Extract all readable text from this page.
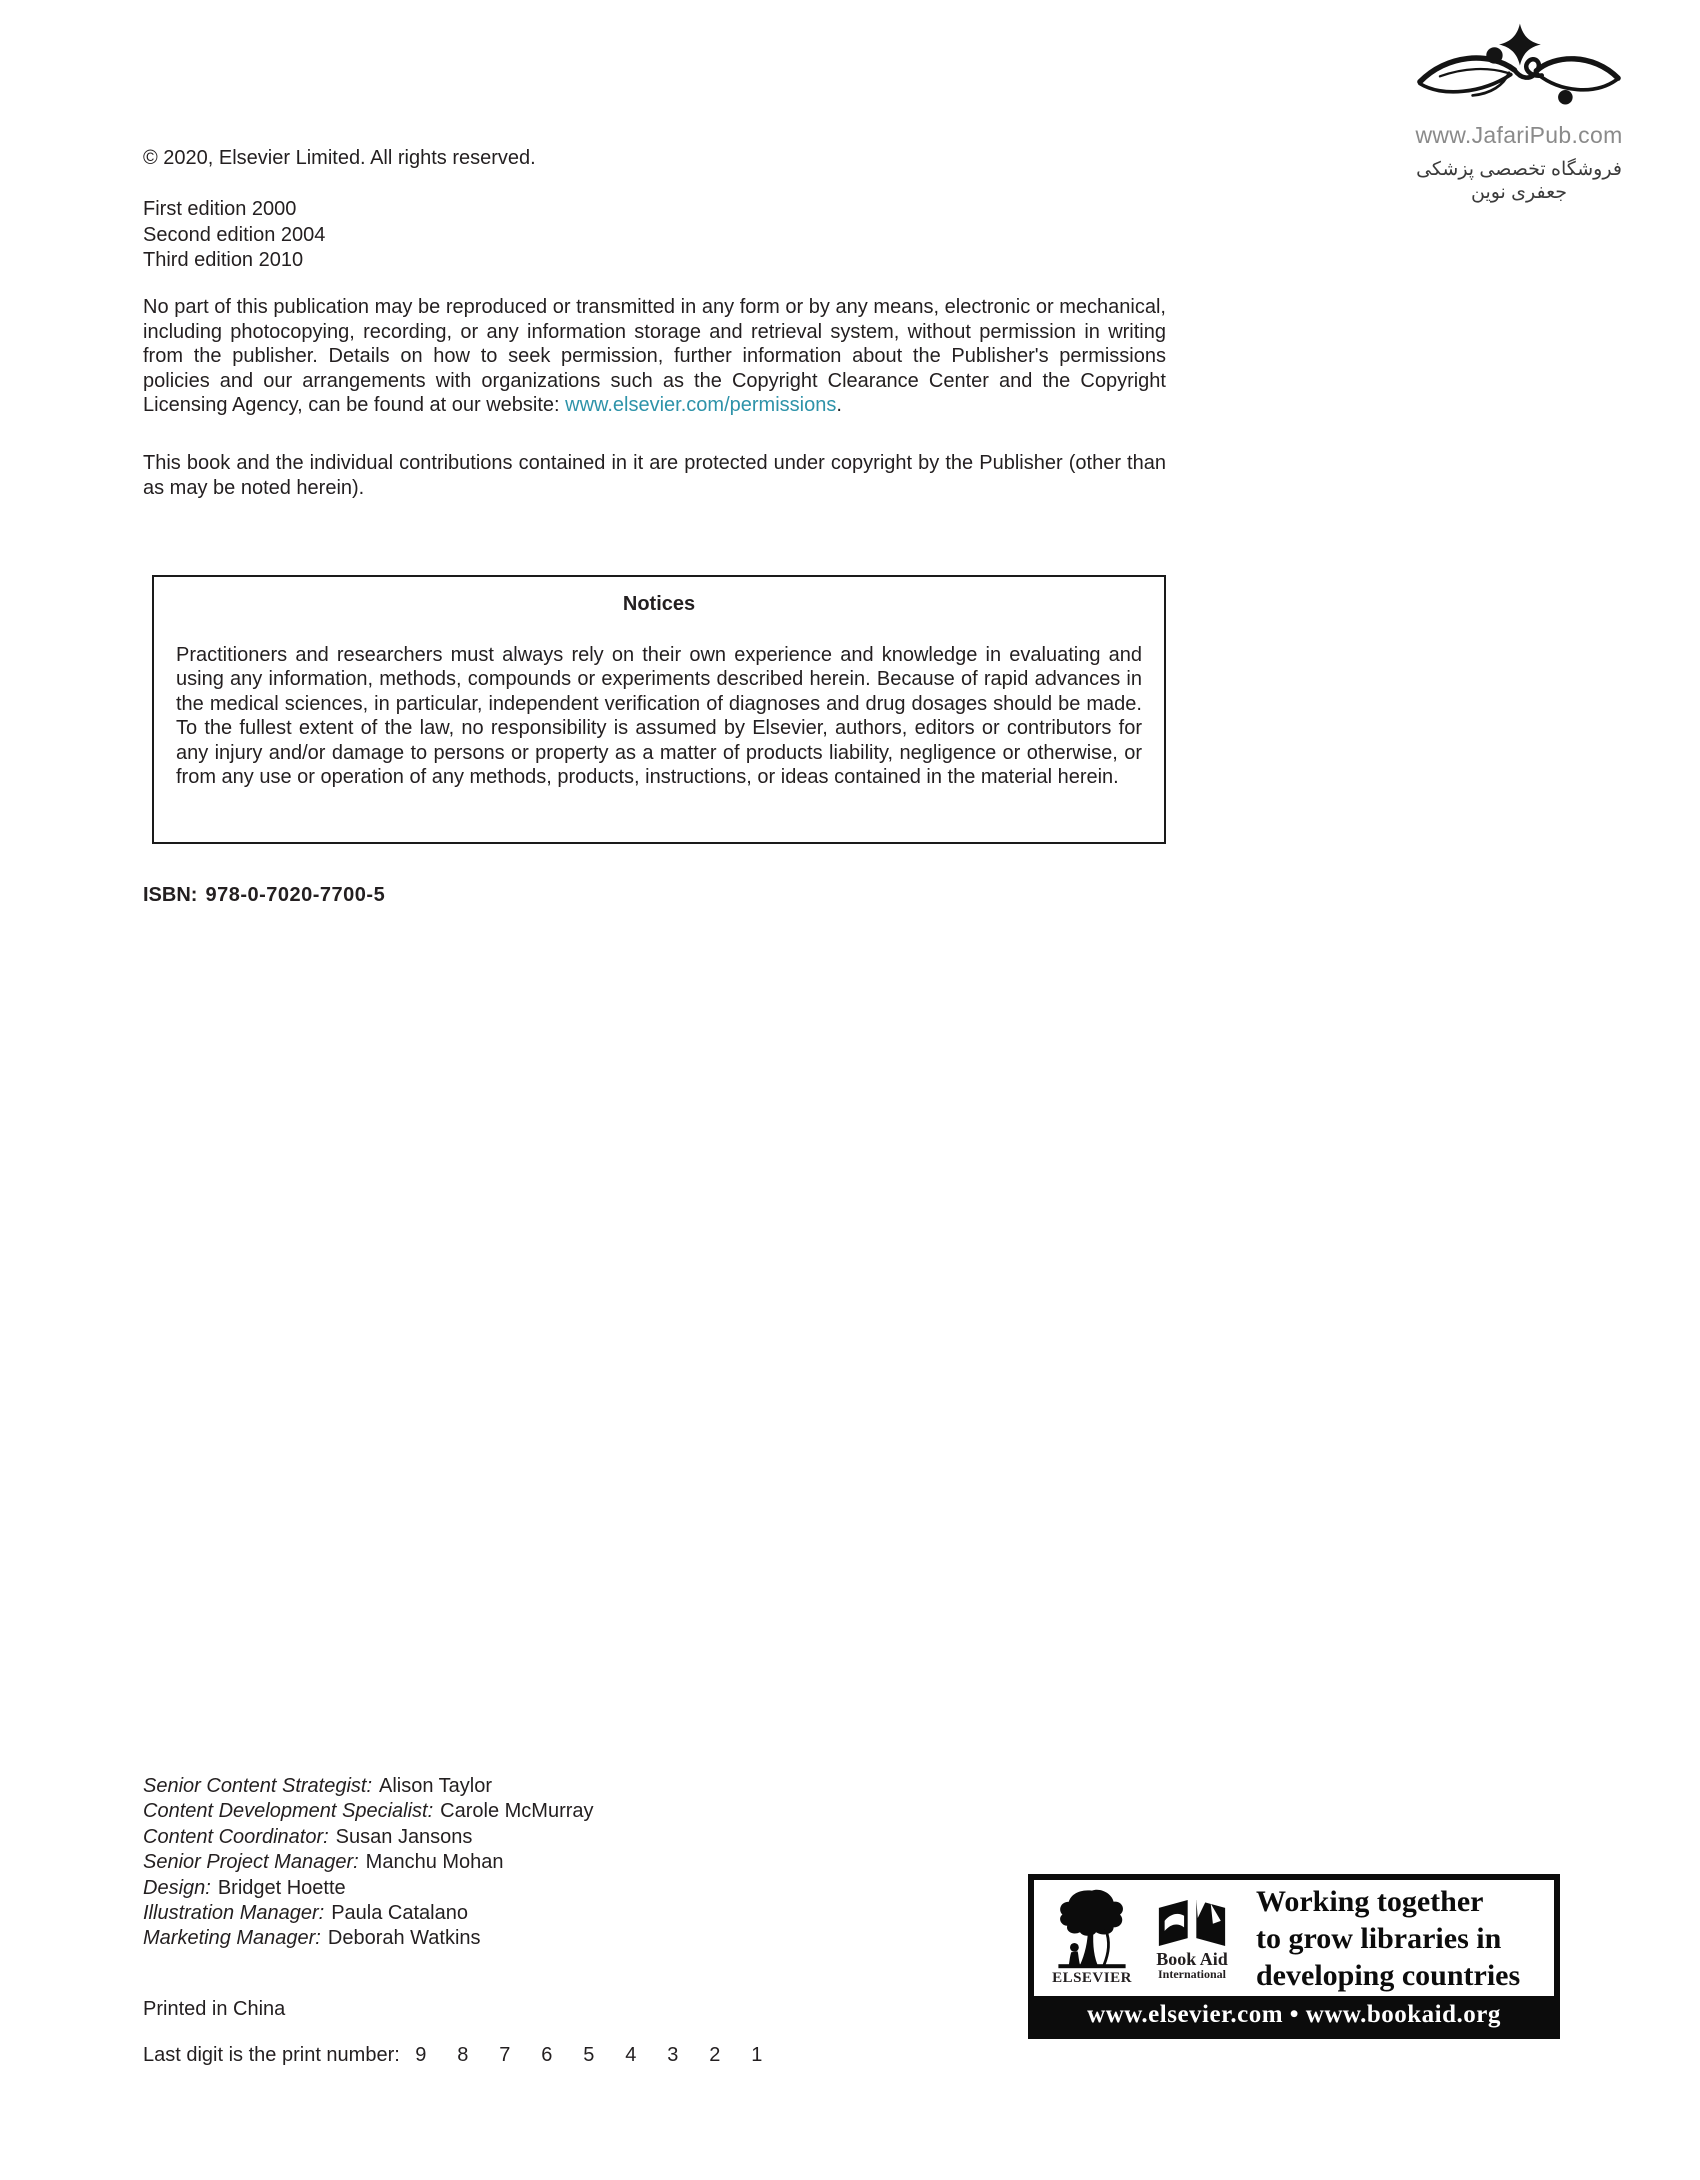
www.JafariPub.com
فروشگاه تخصصی پزشکی جعفری نوین
© 2020, Elsevier Limited. All rights reserved.
First edition 2000
Second edition 2004
Third edition 2010
No part of this publication may be reproduced or transmitted in any form or by any means, electronic or mechanical, including photocopying, recording, or any information storage and retrieval system, without permission in writing from the publisher. Details on how to seek permission, further information about the Publisher's permissions policies and our arrangements with organizations such as the Copyright Clearance Center and the Copyright Licensing Agency, can be found at our website: www.elsevier.com/permissions.
This book and the individual contributions contained in it are protected under copyright by the Publisher (other than as may be noted herein).
Notices
Practitioners and researchers must always rely on their own experience and knowledge in evaluating and using any information, methods, compounds or experiments described herein. Because of rapid advances in the medical sciences, in particular, independent verification of diagnoses and drug dosages should be made. To the fullest extent of the law, no responsibility is assumed by Elsevier, authors, editors or contributors for any injury and/or damage to persons or property as a matter of products liability, negligence or otherwise, or from any use or operation of any methods, products, instructions, or ideas contained in the material herein.
ISBN: 978-0-7020-7700-5
Senior Content Strategist: Alison Taylor
Content Development Specialist: Carole McMurray
Content Coordinator: Susan Jansons
Senior Project Manager: Manchu Mohan
Design: Bridget Hoette
Illustration Manager: Paula Catalano
Marketing Manager: Deborah Watkins
Printed in China
Last digit is the print number: 9 8 7 6 5 4 3 2 1
ELSEVIER
Book Aid
International
Working together
to grow libraries in
developing countries
www.elsevier.com • www.bookaid.org
